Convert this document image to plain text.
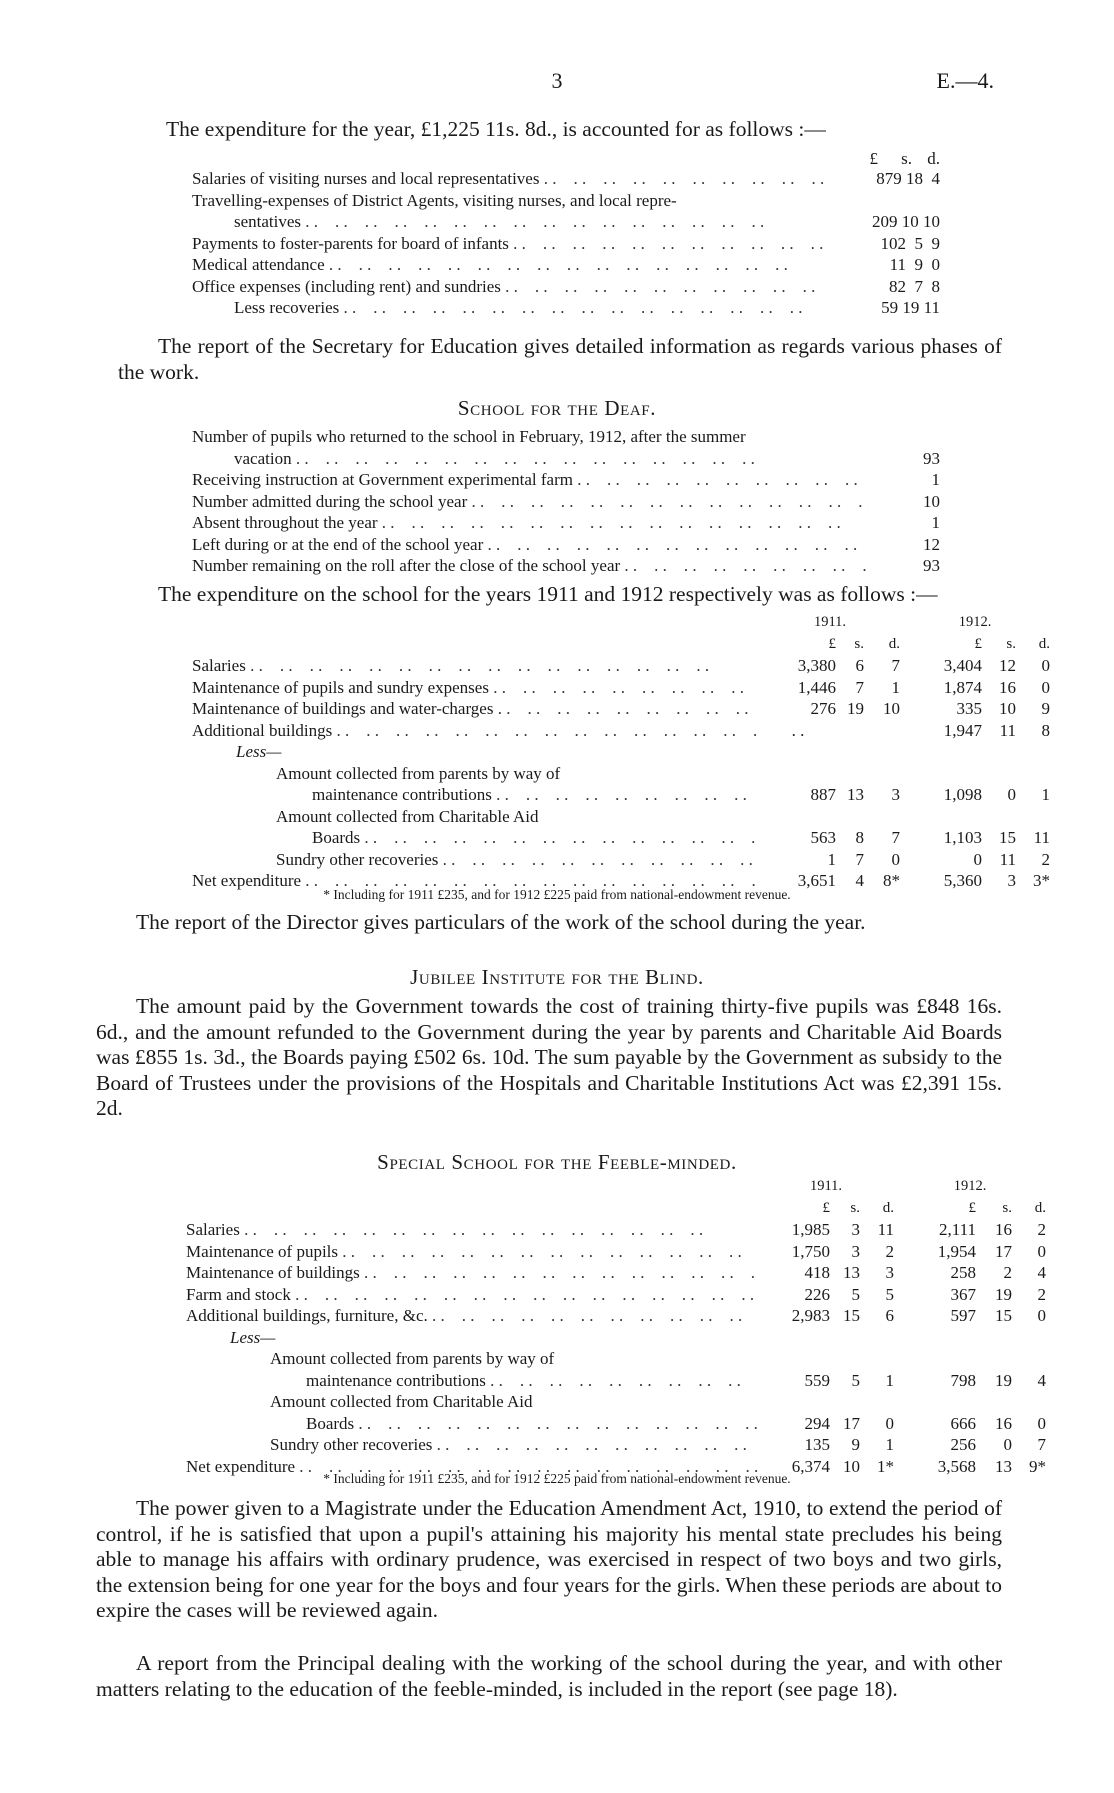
3	E.—4.

The expenditure for the year, £1,225 11s. 8d., is accounted for as follows :—

	£	s.	d.
Salaries of visiting nurses and local representatives . .	879 18  4
Travelling-expenses of District Agents, visiting nurses, and local repre-	
sentatives . .	209 10 10
Payments to foster-parents for board of infants . .	102  5  9
Medical attendance . .	11  9  0
Office expenses (including rent) and sundries . .	82  7  8
Less recoveries . .	59 19 11

The report of the Secretary for Education gives detailed information as regards various phases of the work.

School for the Deaf.
Number of pupils who returned to the school in February, 1912, after the summer	
vacation . .	93
Receiving instruction at Government experimental farm . .	1
Number admitted during the school year . .	10
Absent throughout the year . .	1
Left during or at the end of the school year . .	12
Number remaining on the roll after the close of the school year . .	93

The expenditure on the school for the years 1911 and 1912 respectively was as follows :—

	1911.			1912.		
	£	s.	d.	£	s.	d.
Salaries . .	3,380	6	7	3,404	12	0
Maintenance of pupils and sundry expenses . .	1,446	7	1	1,874	16	0
Maintenance of buildings and water-charges . .	276	19	10	335	10	9
Additional buildings . .	. .			1,947	11	8
Less—						
Amount collected from parents by way of						
maintenance contributions . .	887	13	3	1,098	0	1
Amount collected from Charitable Aid						
Boards . .	563	8	7	1,103	15	11
Sundry other recoveries . .	1	7	0	0	11	2
Net expenditure . .	3,651	4	8*	5,360	3	3*
* Including for 1911 £235, and for 1912 £225 paid from national-endowment revenue.

The report of the Director gives particulars of the work of the school during the year.

Jubilee Institute for the Blind.

The amount paid by the Government towards the cost of training thirty-five pupils was £848 16s. 6d., and the amount refunded to the Government during the year by parents and Charitable Aid Boards was £855 1s. 3d., the Boards paying £502 6s. 10d. The sum payable by the Government as subsidy to the Board of Trustees under the provisions of the Hospitals and Charitable Institutions Act was £2,391 15s. 2d.

Special School for the Feeble-minded.
	1911.			1912.		
	£	s.	d.	£	s.	d.
Salaries . .	1,985	3	11	2,111	16	2
Maintenance of pupils . .	1,750	3	2	1,954	17	0
Maintenance of buildings . .	418	13	3	258	2	4
Farm and stock . .	226	5	5	367	19	2
Additional buildings, furniture, &c. . .	2,983	15	6	597	15	0
Less—						
Amount collected from parents by way of						
maintenance contributions . .	559	5	1	798	19	4
Amount collected from Charitable Aid						
Boards . .	294	17	0	666	16	0
Sundry other recoveries . .	135	9	1	256	0	7
Net expenditure . .	6,374	10	1*	3,568	13	9*
* Including for 1911 £235, and for 1912 £225 paid from national-endowment revenue.

The power given to a Magistrate under the Education Amendment Act, 1910, to extend the period of control, if he is satisfied that upon a pupil's attaining his majority his mental state precludes his being able to manage his affairs with ordinary prudence, was exercised in respect of two boys and two girls, the extension being for one year for the boys and four years for the girls. When these periods are about to expire the cases will be reviewed again.

A report from the Principal dealing with the working of the school during the year, and with other matters relating to the education of the feeble-minded, is included in the report (see page 18).
